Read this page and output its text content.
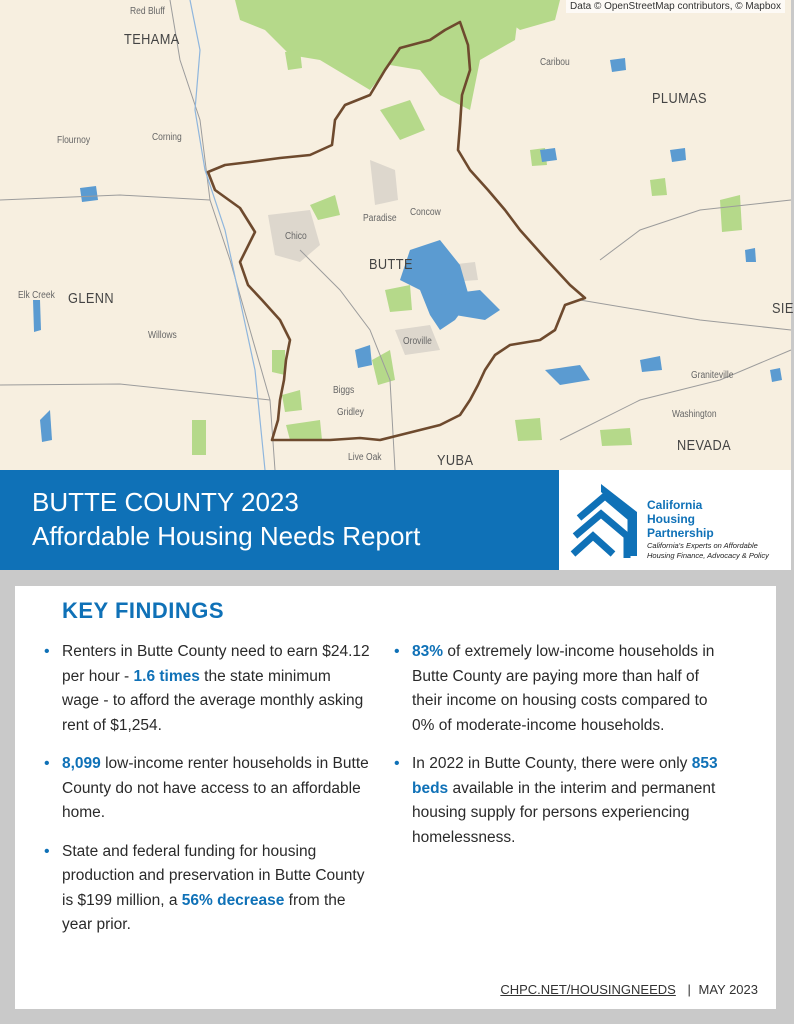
Data © OpenStreetMap contributors, © Mapbox
TEHAMA
PLUMAS
GLENN
BUTTE
NEVADA
YUBA
SIE
Red Bluff
Flournoy	Corning
Caribou
Concow
Paradise
Chico
Elk Creek
Willows
Oroville
Biggs
Gridley
Live Oak
Graniteville
Washington
BUTTE COUNTY 2023
Affordable Housing Needs Report
California
Housing
Partnership
California's Experts on Affordable
Housing Finance, Advocacy & Policy
KEY FINDINGS
• Renters in Butte County need to earn $24.12 per hour - 1.6 times the state minimum wage - to afford the average monthly asking rent of $1,254.
• 8,099 low-income renter households in Butte County do not have access to an affordable home.
• State and federal funding for housing production and preservation in Butte County is $199 million, a 56% decrease from the year prior.
• 83% of extremely low-income households in Butte County are paying more than half of their income on housing costs compared to 0% of moderate-income households.
• In 2022 in Butte County, there were only 853 beds available in the interim and permanent housing supply for persons experiencing homelessness.
CHPC.NET/HOUSINGNEEDS | MAY 2023
